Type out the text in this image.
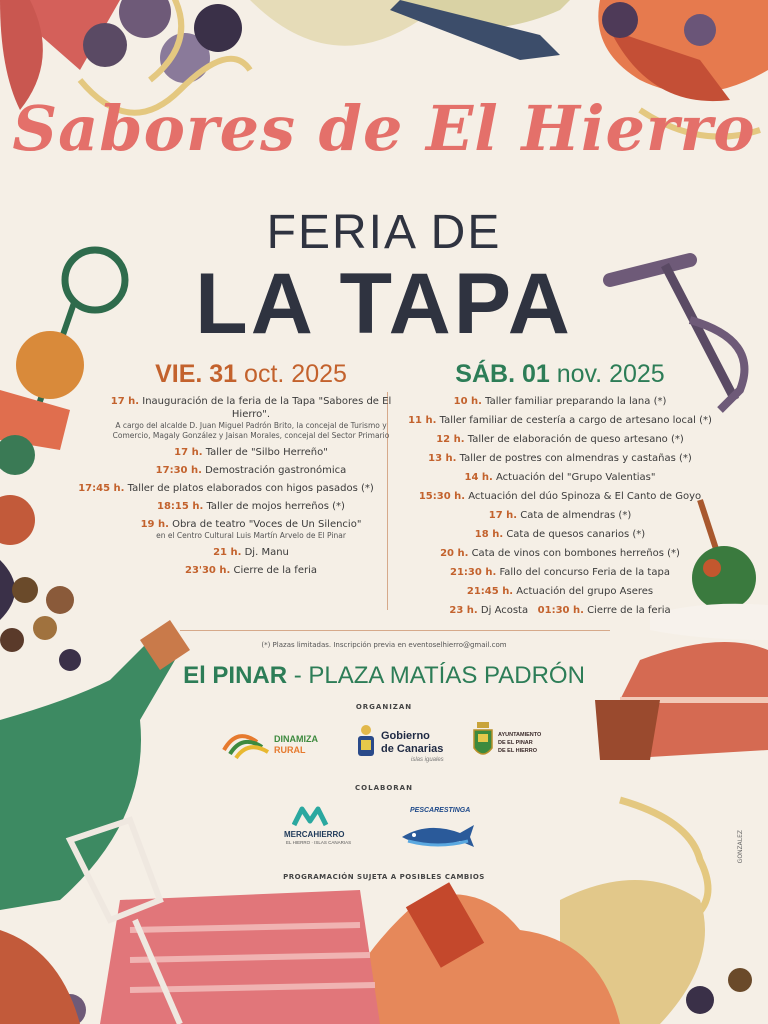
Sabores de El Hierro
FERIA DE
LA TAPA
VIE. 31 oct. 2025
17 h. Inauguración de la feria de la Tapa "Sabores de El Hierro".
A cargo del alcalde D. Juan Miguel Padrón Brito, la concejal de Turismo y Comercio, Magaly González y Jaisan Morales, concejal del Sector Primario
17 h. Taller de "Silbo Herreño"
17:30 h. Demostración gastronómica
17:45 h. Taller de platos elaborados con higos pasados (*)
18:15 h. Taller de mojos herreños (*)
19 h. Obra de teatro "Voces de Un Silencio"
en el Centro Cultural Luis Martín Arvelo de El Pinar
21 h. Dj. Manu
23'30 h. Cierre de la feria
SÁB. 01 nov. 2025
10 h. Taller familiar preparando la lana (*)
11 h. Taller familiar de cestería a cargo de artesano local (*)
12 h. Taller de elaboración de queso artesano (*)
13 h. Taller de postres con almendras y castañas (*)
14 h. Actuación del "Grupo Valentias"
15:30 h. Actuación del dúo Spinoza & El Canto de Goyo
17 h. Cata de almendras (*)
18 h. Cata de quesos canarios (*)
20 h. Cata de vinos con bombones herreños (*)
21:30 h. Fallo del concurso Feria de la tapa
21:45 h. Actuación del grupo Aseres
23 h. Dj Acosta 01:30 h. Cierre de la feria
(*) Plazas limitadas. Inscripción previa en eventoselhierro@gmail.com
El PINAR - PLAZA MATÍAS PADRÓN
ORGANIZAN
DINAMIZA
RURAL
Gobierno
de Canarias
islas iguales
AYUNTAMIENTO
DE EL PINAR
DE EL HIERRO
COLABORAN
MERCAHIERRO
EL HIERRO · ISLAS CANARIAS
PESCARESTINGA
PROGRAMACIÓN SUJETA A POSIBLES CAMBIOS
GONZALEZ
